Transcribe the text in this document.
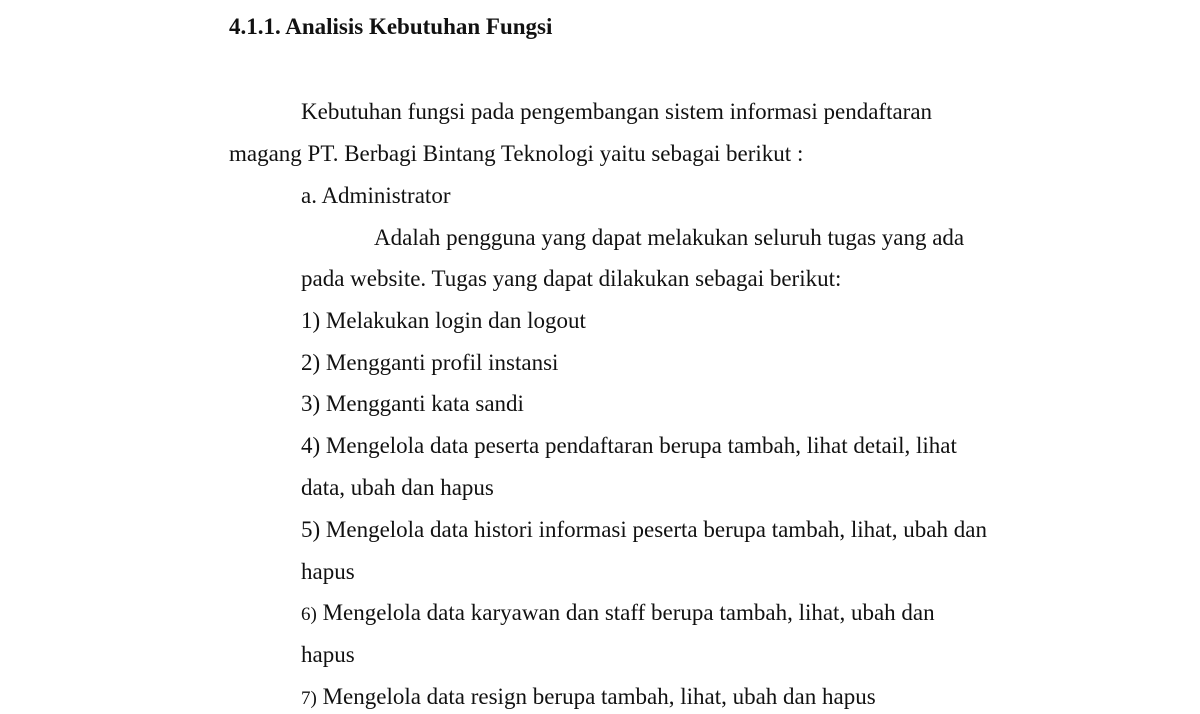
4.1.1. Analisis Kebutuhan Fungsi
Kebutuhan fungsi pada pengembangan sistem informasi pendaftaran
magang PT. Berbagi Bintang Teknologi yaitu sebagai berikut :
a. Administrator
Adalah pengguna yang dapat melakukan seluruh tugas yang ada
pada website. Tugas yang dapat dilakukan sebagai berikut:
1) Melakukan login dan logout
2) Mengganti profil instansi
3) Mengganti kata sandi
4) Mengelola data peserta pendaftaran berupa tambah, lihat detail, lihat
data, ubah dan hapus
5) Mengelola data histori informasi peserta berupa tambah, lihat, ubah dan
hapus
6) Mengelola data karyawan dan staff berupa tambah, lihat, ubah dan
hapus
7) Mengelola data resign berupa tambah, lihat, ubah dan hapus
